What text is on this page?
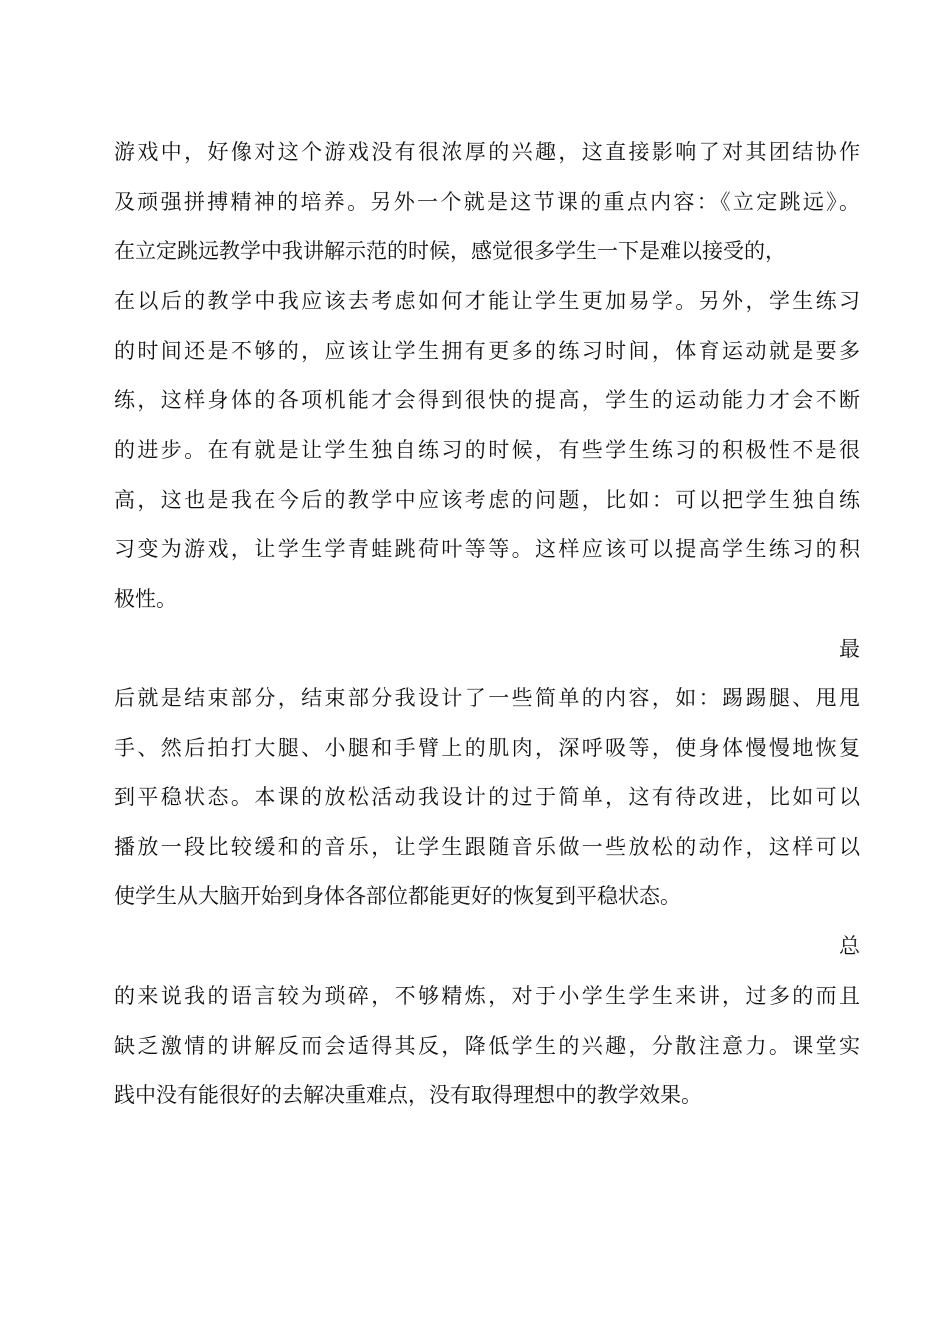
游戏中，好像对这个游戏没有很浓厚的兴趣，这直接影响了对其团结协作
及顽强拼搏精神的培养。另外一个就是这节课的重点内容：《立定跳远》。
在立定跳远教学中我讲解示范的时候，感觉很多学生一下是难以接受的，
在以后的教学中我应该去考虑如何才能让学生更加易学。另外，学生练习
的时间还是不够的，应该让学生拥有更多的练习时间，体育运动就是要多
练，这样身体的各项机能才会得到很快的提高，学生的运动能力才会不断
的进步。在有就是让学生独自练习的时候，有些学生练习的积极性不是很
高，这也是我在今后的教学中应该考虑的问题，比如：可以把学生独自练
习变为游戏，让学生学青蛙跳荷叶等等。这样应该可以提高学生练习的积
极性。
最
后就是结束部分，结束部分我设计了一些简单的内容，如：踢踢腿、甩甩
手、然后拍打大腿、小腿和手臂上的肌肉，深呼吸等，使身体慢慢地恢复
到平稳状态。本课的放松活动我设计的过于简单，这有待改进，比如可以
播放一段比较缓和的音乐，让学生跟随音乐做一些放松的动作，这样可以
使学生从大脑开始到身体各部位都能更好的恢复到平稳状态。
总
的来说我的语言较为琐碎，不够精炼，对于小学生学生来讲，过多的而且
缺乏激情的讲解反而会适得其反，降低学生的兴趣，分散注意力。课堂实
践中没有能很好的去解决重难点，没有取得理想中的教学效果。
